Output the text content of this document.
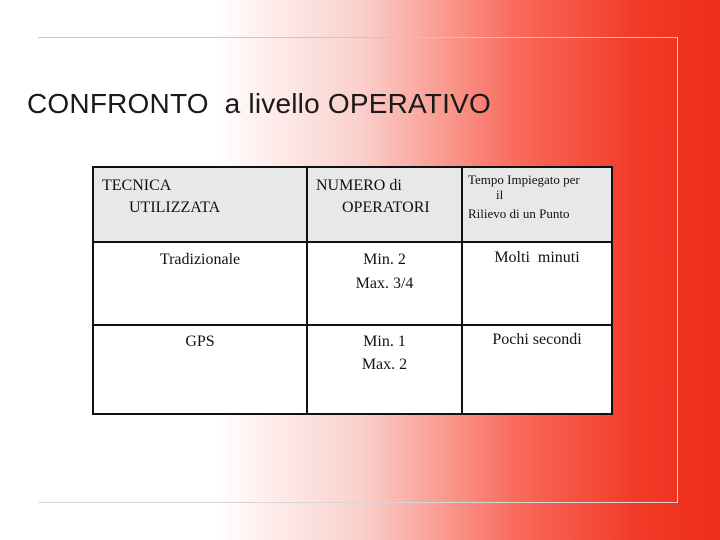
CONFRONTO  a livello OPERATIVO
TECNICA
UTILIZZATA
NUMERO di
OPERATORI
Tempo Impiegato per
il
Rilievo di un Punto
Tradizionale	Min. 2
Max. 3/4
Molti  minuti
GPS	Min. 1
Max. 2
Pochi secondi
